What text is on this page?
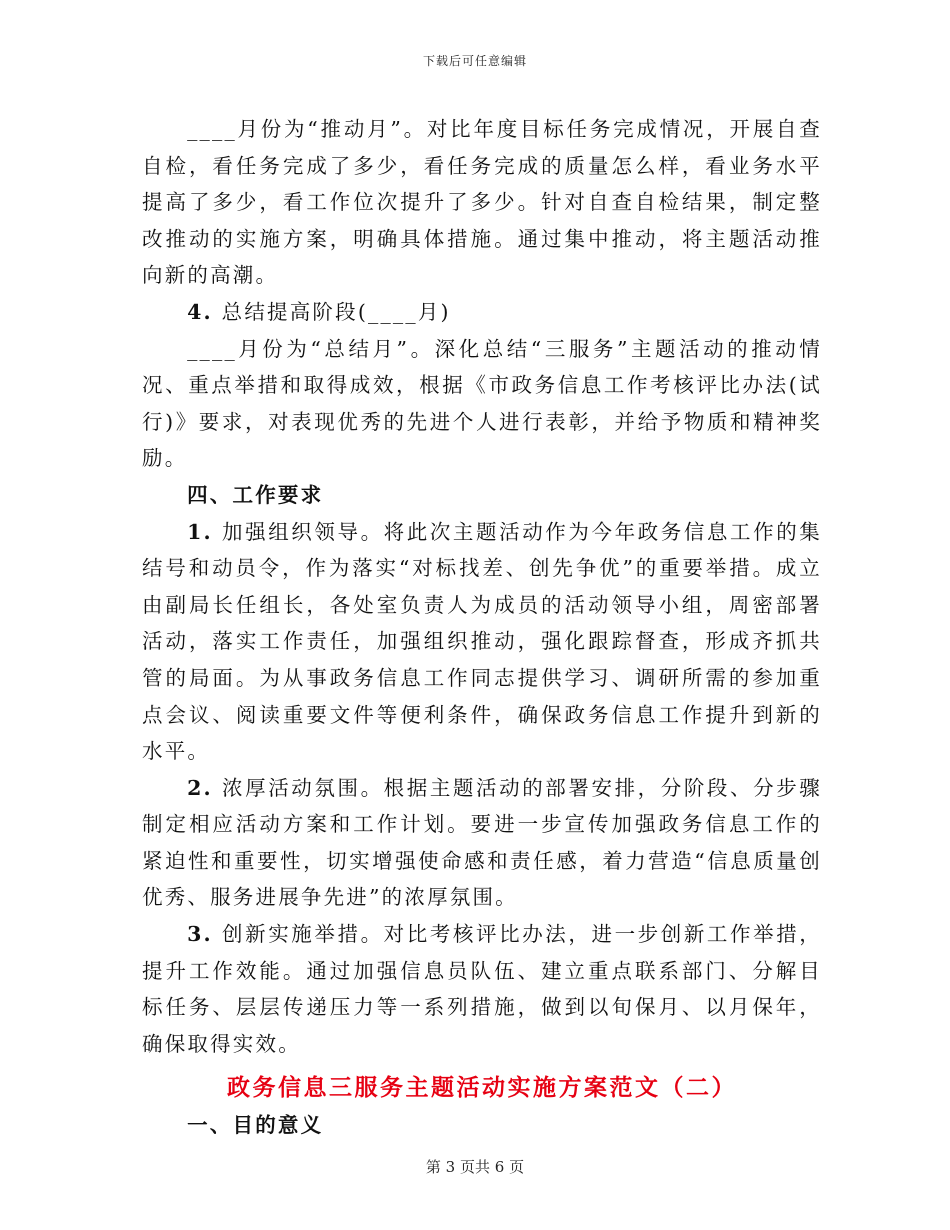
下载后可任意编辑

____月份为“推动月”。对比年度目标任务完成情况，开展自查自检，看任务完成了多少，看任务完成的质量怎么样，看业务水平提高了多少，看工作位次提升了多少。针对自查自检结果，制定整改推动的实施方案，明确具体措施。通过集中推动，将主题活动推向新的高潮。

4. 总结提高阶段(____月)

____月份为“总结月”。深化总结“三服务”主题活动的推动情况、重点举措和取得成效，根据《市政务信息工作考核评比办法(试行)》要求，对表现优秀的先进个人进行表彰，并给予物质和精神奖励。

四、工作要求

1. 加强组织领导。将此次主题活动作为今年政务信息工作的集结号和动员令，作为落实“对标找差、创先争优”的重要举措。成立由副局长任组长，各处室负责人为成员的活动领导小组，周密部署活动，落实工作责任，加强组织推动，强化跟踪督查，形成齐抓共管的局面。为从事政务信息工作同志提供学习、调研所需的参加重点会议、阅读重要文件等便利条件，确保政务信息工作提升到新的水平。

2. 浓厚活动氛围。根据主题活动的部署安排，分阶段、分步骤制定相应活动方案和工作计划。要进一步宣传加强政务信息工作的紧迫性和重要性，切实增强使命感和责任感，着力营造“信息质量创优秀、服务进展争先进”的浓厚氛围。

3. 创新实施举措。对比考核评比办法，进一步创新工作举措，提升工作效能。通过加强信息员队伍、建立重点联系部门、分解目标任务、层层传递压力等一系列措施，做到以旬保月、以月保年，确保取得实效。

政务信息三服务主题活动实施方案范文（二）

一、目的意义

第 3 页共 6 页
